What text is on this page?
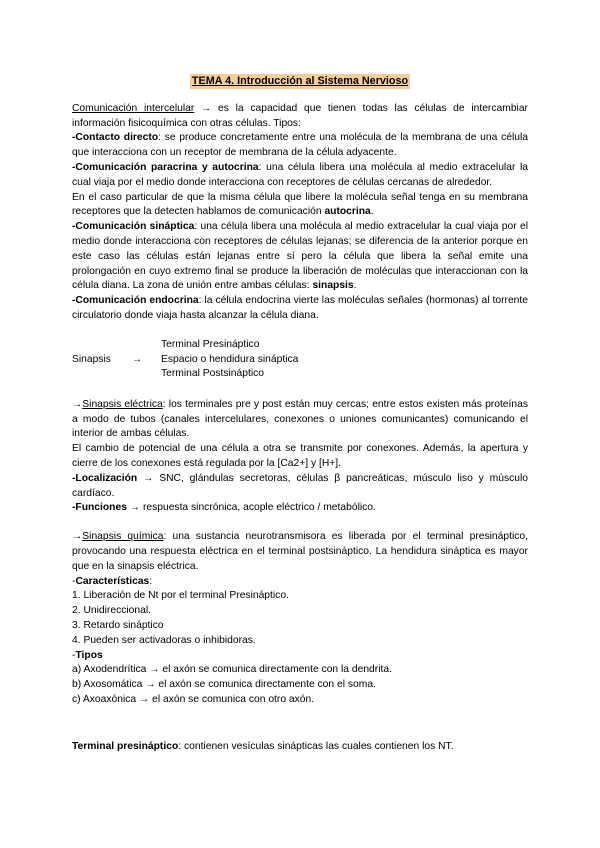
TEMA 4. Introducción al Sistema Nervioso

Comunicación intercelular → es la capacidad que tienen todas las células de intercambiar información fisicoquímica con otras células. Tipos:

-Contacto directo: se produce concretamente entre una molécula de la membrana de una célula que interacciona con un receptor de membrana de la célula adyacente.

-Comunicación paracrina y autocrina: una célula libera una molécula al medio extracelular la cual viaja por el medio donde interacciona con receptores de células cercanas de alrededor.

En el caso particular de que la misma célula que libere la molécula señal tenga en su membrana receptores que la detecten hablamos de comunicación autocrina.

-Comunicación sináptica: una célula libera una molécula al medio extracelular la cual viaja por el medio donde interacciona con receptores de células lejanas; se diferencia de la anterior porque en este caso las células están lejanas entre sí pero la célula que libera la señal emite una prolongación en cuyo extremo final se produce la liberación de moléculas que interaccionan con la célula diana. La zona de unión entre ambas células: sinapsis.

-Comunicación endocrina: la célula endocrina vierte las moléculas señales (hormonas) al torrente circulatorio donde viaja hasta alcanzar la célula diana.

Sinapsis →
Terminal Presináptico
Espacio o hendidura sináptica
Terminal Postsináptico

→Sinapsis eléctrica: los terminales pre y post están muy cercas; entre estos existen más proteínas a modo de tubos (canales intercelulares, conexones o uniones comunicantes) comunicando el interior de ambas células.

El cambio de potencial de una célula a otra se transmite por conexones. Además, la apertura y cierre de los conexones está regulada por la [Ca2+] y [H+].

-Localización → SNC, glándulas secretoras, células β pancreáticas, músculo liso y músculo cardíaco.

-Funciones → respuesta sincrónica, acople eléctrico / metabólico.

→Sinapsis química: una sustancia neurotransmisora es liberada por el terminal presináptico, provocando una respuesta eléctrica en el terminal postsináptico. La hendidura sináptica es mayor que en la sinapsis eléctrica.

-Características:

1. Liberación de Nt por el terminal Presináptico.

2. Unidireccional.

3. Retardo sináptico

4. Pueden ser activadoras o inhibidoras.

-Tipos

a) Axodendrítica → el axón se comunica directamente con la dendrita.

b) Axosomática → el axón se comunica directamente con el soma.

c) Axoaxónica → el axón se comunica con otro axón.

Terminal presináptico: contienen vesículas sinápticas las cuales contienen los NT.
